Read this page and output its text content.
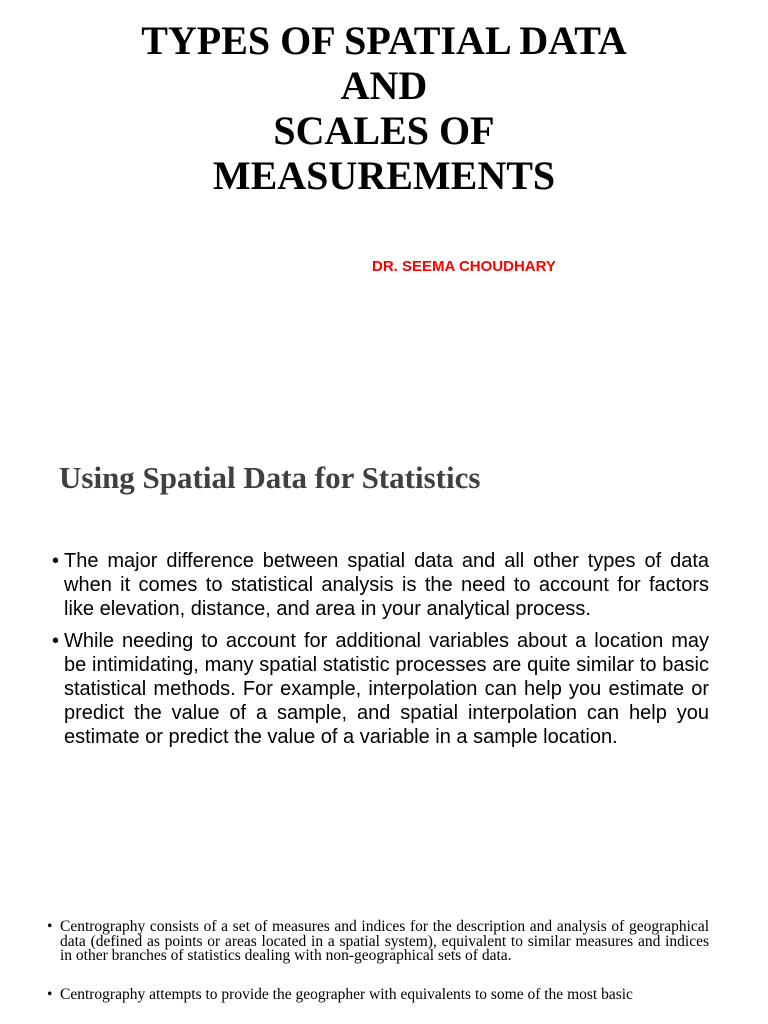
TYPES OF SPATIAL DATA
AND
SCALES OF
MEASUREMENTS

DR. SEEMA CHOUDHARY

Using Spatial Data for Statistics
• The major difference between spatial data and all other types of data when it comes to statistical analysis is the need to account for factors like elevation, distance, and area in your analytical process.
• While needing to account for additional variables about a location may be intimidating, many spatial statistic processes are quite similar to basic statistical methods. For example, interpolation can help you estimate or predict the value of a sample, and spatial interpolation can help you estimate or predict the value of a variable in a sample location.
• Centrography consists of a set of measures and indices for the description and analysis of geographical data (defined as points or areas located in a spatial system), equivalent to similar measures and indices in other branches of statistics dealing with non-geographical sets of data.
• Centrography attempts to provide the geographer with equivalents to some of the most basic
